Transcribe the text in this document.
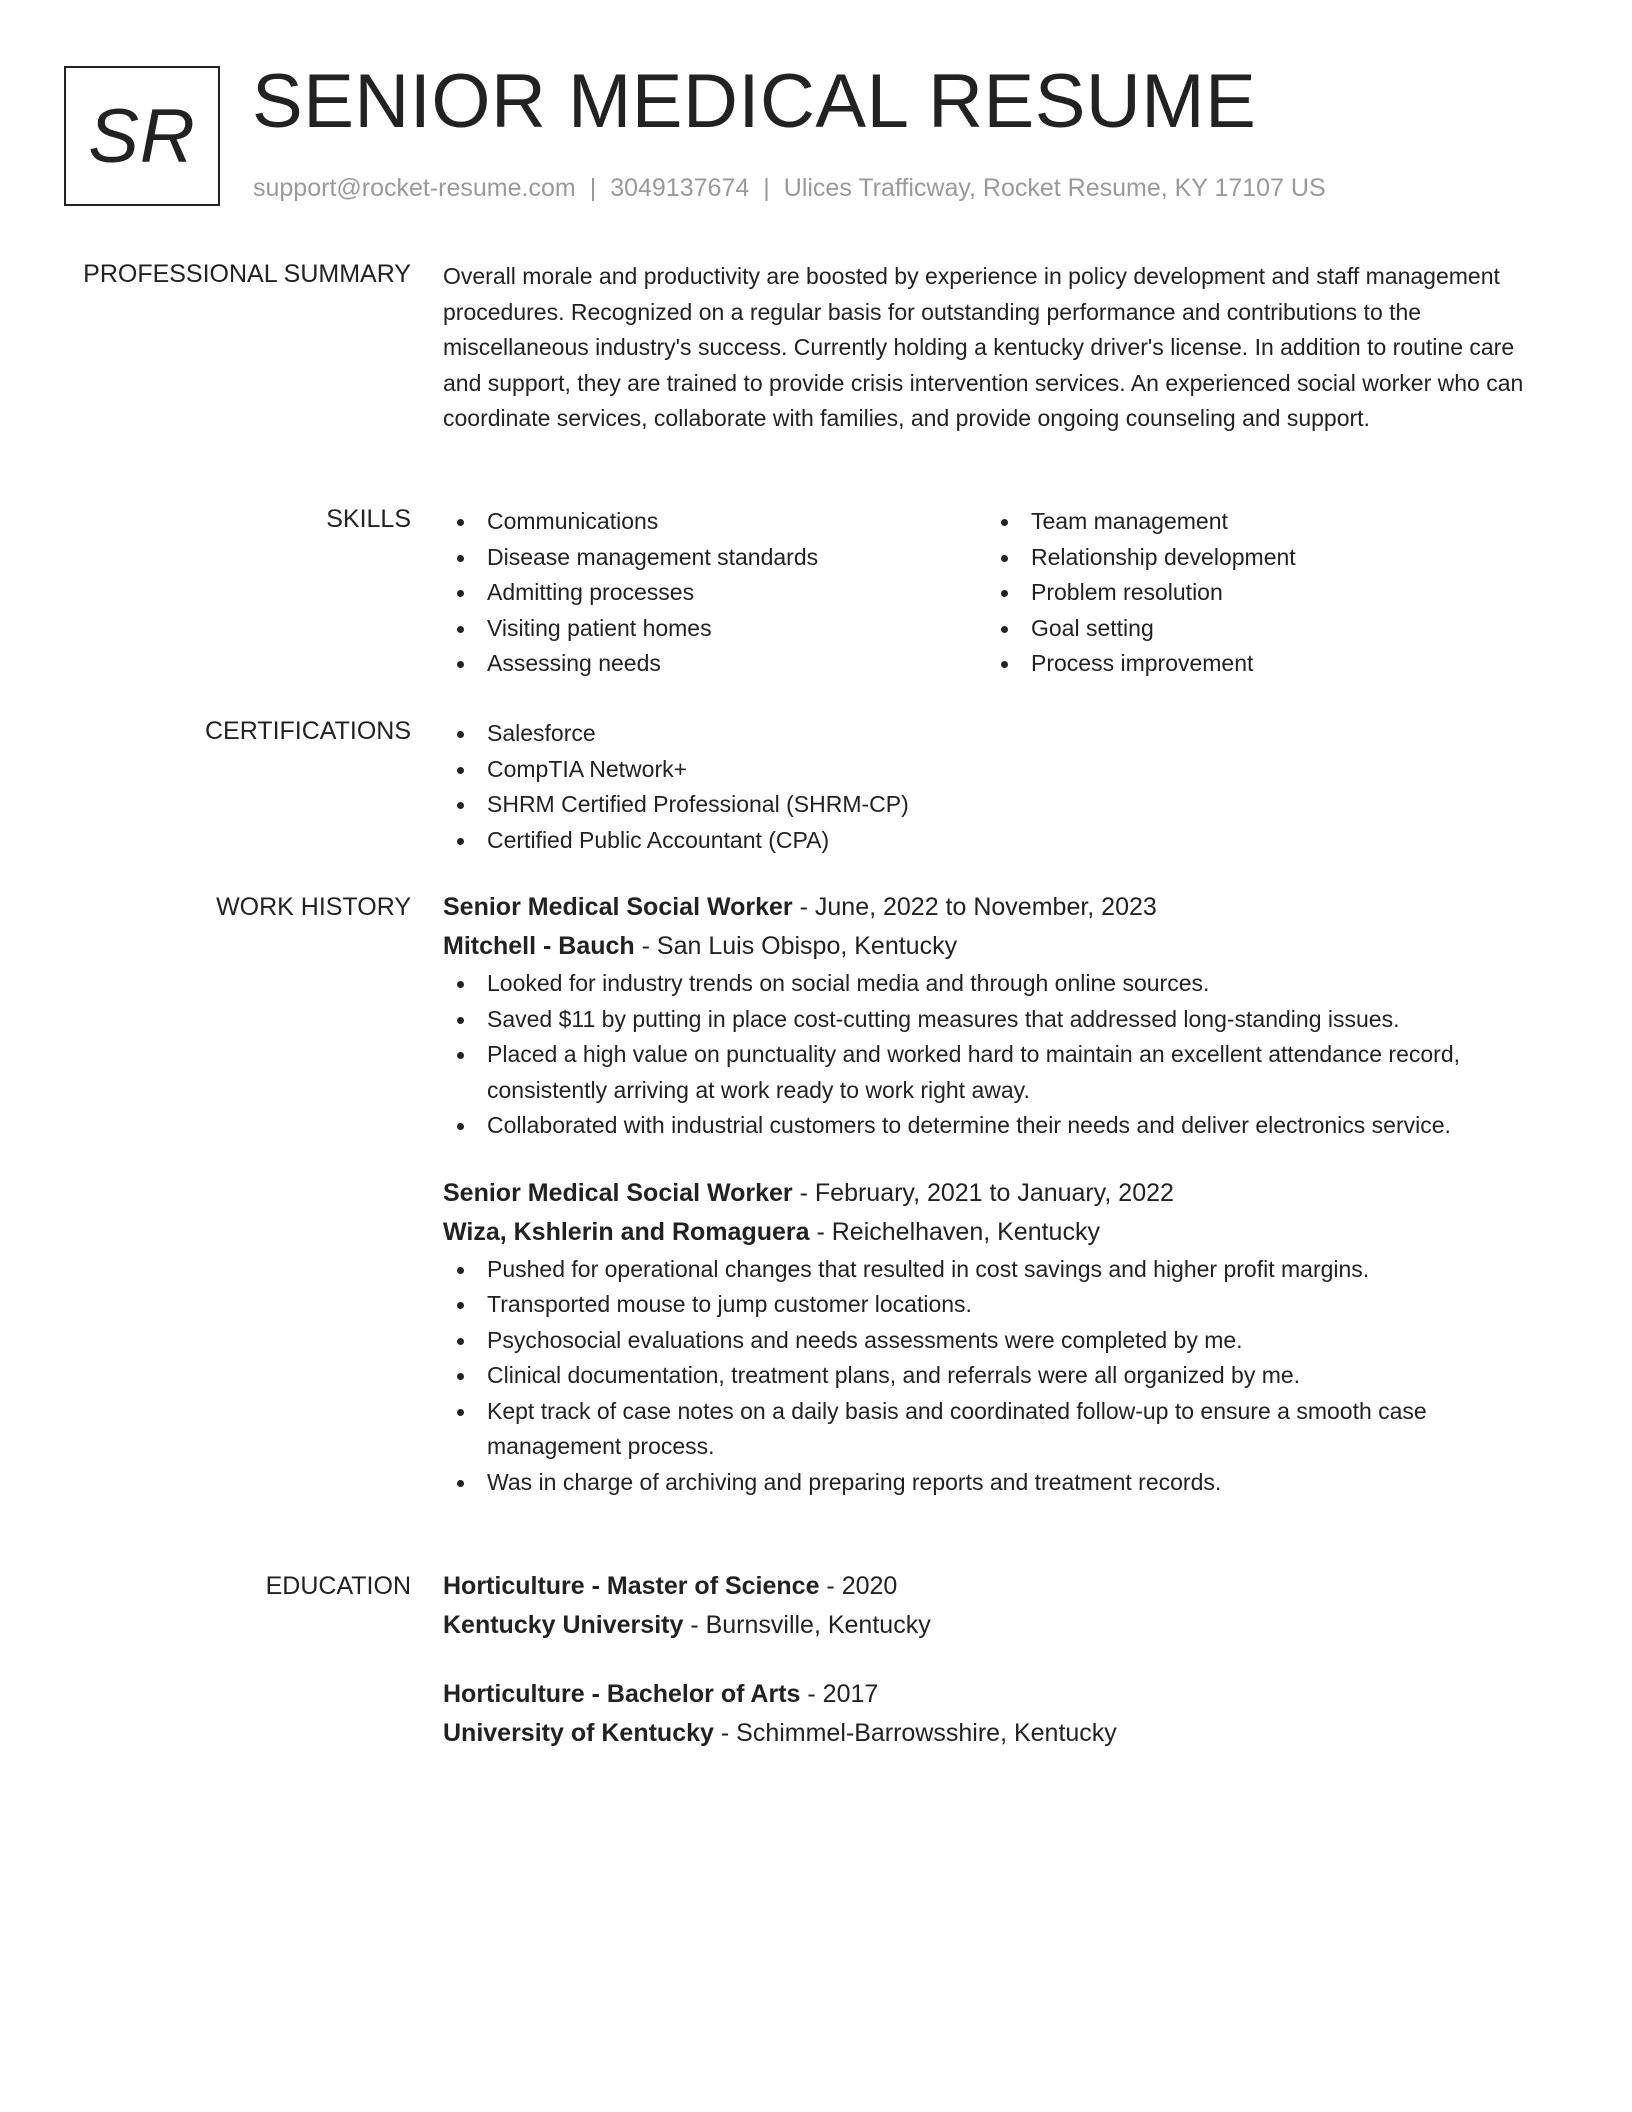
SR SENIOR MEDICAL RESUME
support@rocket-resume.com | 3049137674 | Ulices Trafficway, Rocket Resume, KY 17107 US
PROFESSIONAL SUMMARY Overall morale and productivity are boosted by experience in policy development and staff management procedures. Recognized on a regular basis for outstanding performance and contributions to the miscellaneous industry's success. Currently holding a kentucky driver's license. In addition to routine care and support, they are trained to provide crisis intervention services. An experienced social worker who can coordinate services, collaborate with families, and provide ongoing counseling and support.

SKILLS	Communications
Disease management standards
Admitting processes
Visiting patient homes
Assessing needs
Team management
Relationship development
Problem resolution
Goal setting
Process improvement
CERTIFICATIONS	Salesforce
CompTIA Network+
SHRM Certified Professional (SHRM-CP)
Certified Public Accountant (CPA)
WORK HISTORY Senior Medical Social Worker - June, 2022 to November, 2023
Mitchell - Bauch - San Luis Obispo, Kentucky
Looked for industry trends on social media and through online sources.
Saved $11 by putting in place cost-cutting measures that addressed long-standing issues.
Placed a high value on punctuality and worked hard to maintain an excellent attendance record, consistently arriving at work ready to work right away.
Collaborated with industrial customers to determine their needs and deliver electronics service.
Senior Medical Social Worker - February, 2021 to January, 2022
Wiza, Kshlerin and Romaguera - Reichelhaven, Kentucky
Pushed for operational changes that resulted in cost savings and higher profit margins.
Transported mouse to jump customer locations.
Psychosocial evaluations and needs assessments were completed by me.
Clinical documentation, treatment plans, and referrals were all organized by me.
Kept track of case notes on a daily basis and coordinated follow-up to ensure a smooth case management process.
Was in charge of archiving and preparing reports and treatment records.
EDUCATION Horticulture - Master of Science - 2020
Kentucky University - Burnsville, Kentucky
Horticulture - Bachelor of Arts - 2017
University of Kentucky - Schimmel-Barrowsshire, Kentucky
